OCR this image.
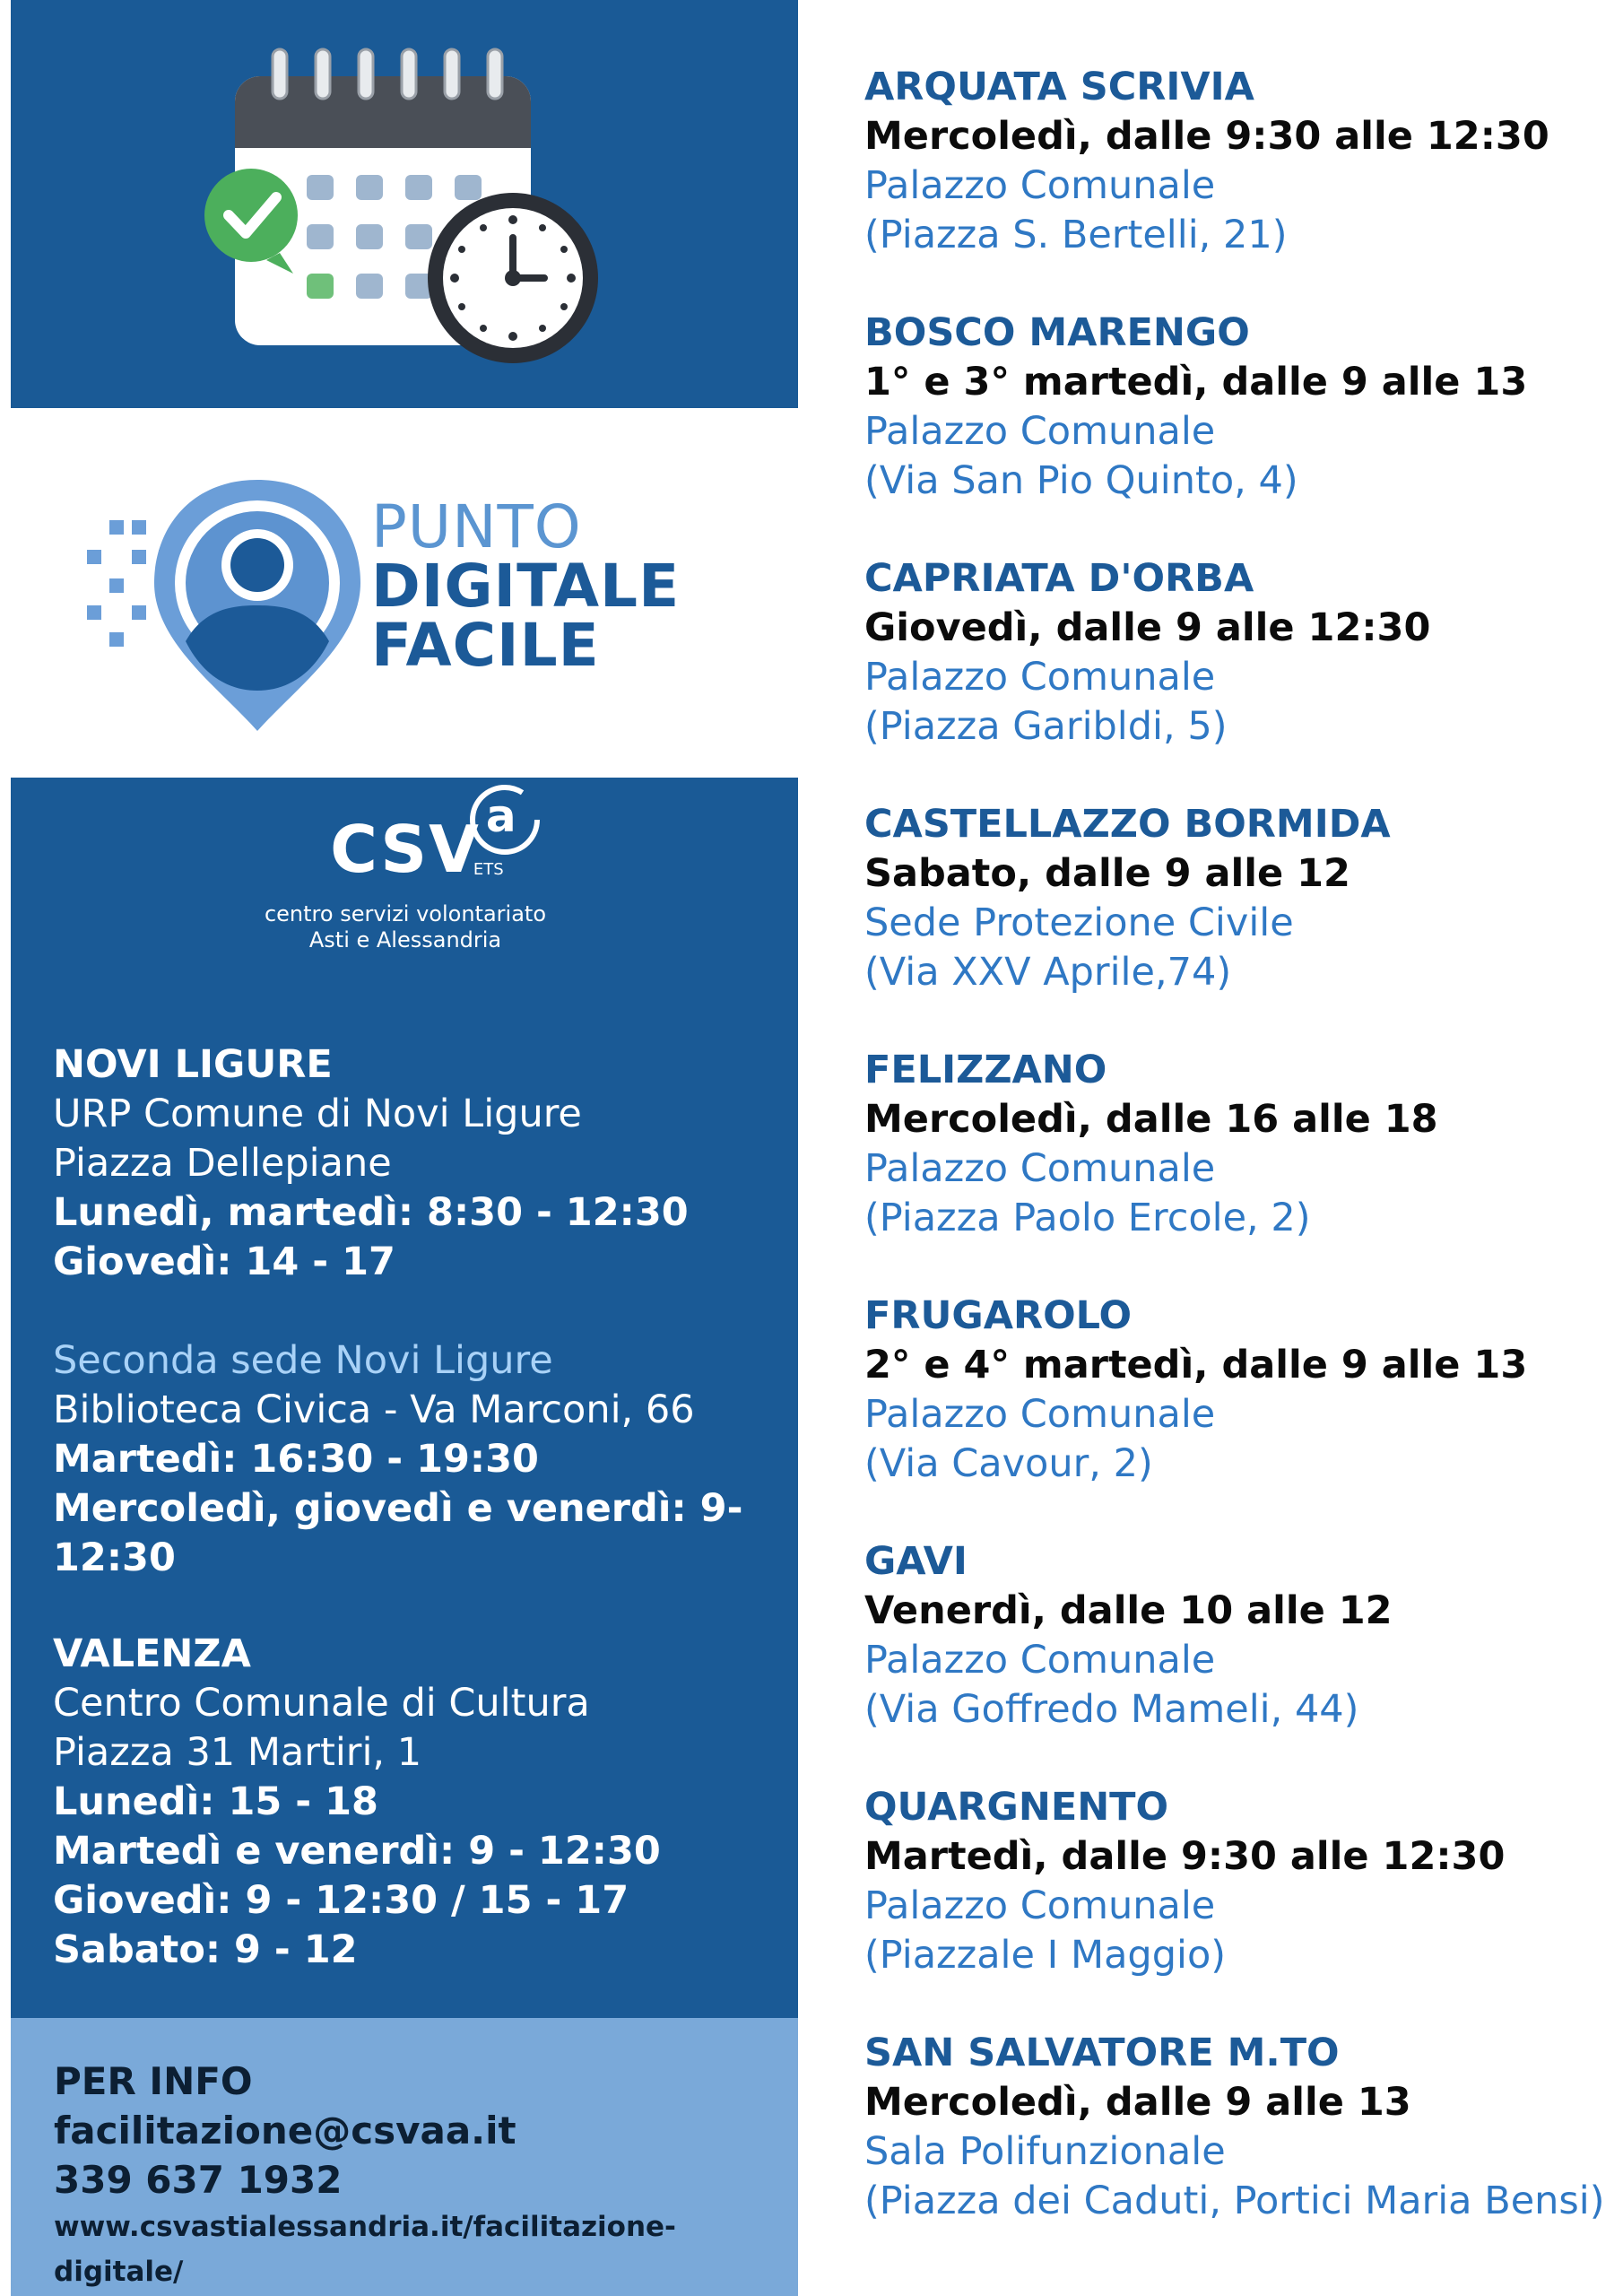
PUNTO
DIGITALE
FACILE
CSV a
ETS
centro servizi volontariato
Asti e Alessandria
NOVI LIGURE
URP Comune di Novi Ligure
Piazza Dellepiane
Lunedì, martedì: 8:30 - 12:30
Giovedì: 14 - 17
Seconda sede Novi Ligure
Biblioteca Civica - Va Marconi, 66
Martedì: 16:30 - 19:30
Mercoledì, giovedì e venerdì: 9-12:30
VALENZA
Centro Comunale di Cultura
Piazza 31 Martiri, 1
Lunedì: 15 - 18
Martedì e venerdì: 9 - 12:30
Giovedì: 9 - 12:30 / 15 - 17
Sabato: 9 - 12
PER INFO
facilitazione@csvaa.it
339 637 1932
www.csvastialessandria.it/facilitazione-digitale/
ARQUATA SCRIVIA
Mercoledì, dalle 9:30 alle 12:30
Palazzo Comunale
(Piazza S. Bertelli, 21)
BOSCO MARENGO
1° e 3° martedì, dalle 9 alle 13
Palazzo Comunale
(Via San Pio Quinto, 4)
CAPRIATA D'ORBA
Giovedì, dalle 9 alle 12:30
Palazzo Comunale
(Piazza Garibldi, 5)
CASTELLAZZO BORMIDA
Sabato, dalle 9 alle 12
Sede Protezione Civile
(Via XXV Aprile,74)
FELIZZANO
Mercoledì, dalle 16 alle 18
Palazzo Comunale
(Piazza Paolo Ercole, 2)
FRUGAROLO
2° e 4° martedì, dalle 9 alle 13
Palazzo Comunale
(Via Cavour, 2)
GAVI
Venerdì, dalle 10 alle 12
Palazzo Comunale
(Via Goffredo Mameli, 44)
QUARGNENTO
Martedì, dalle 9:30 alle 12:30
Palazzo Comunale
(Piazzale I Maggio)
SAN SALVATORE M.TO
Mercoledì, dalle 9 alle 13
Sala Polifunzionale
(Piazza dei Caduti, Portici Maria Bensi)
